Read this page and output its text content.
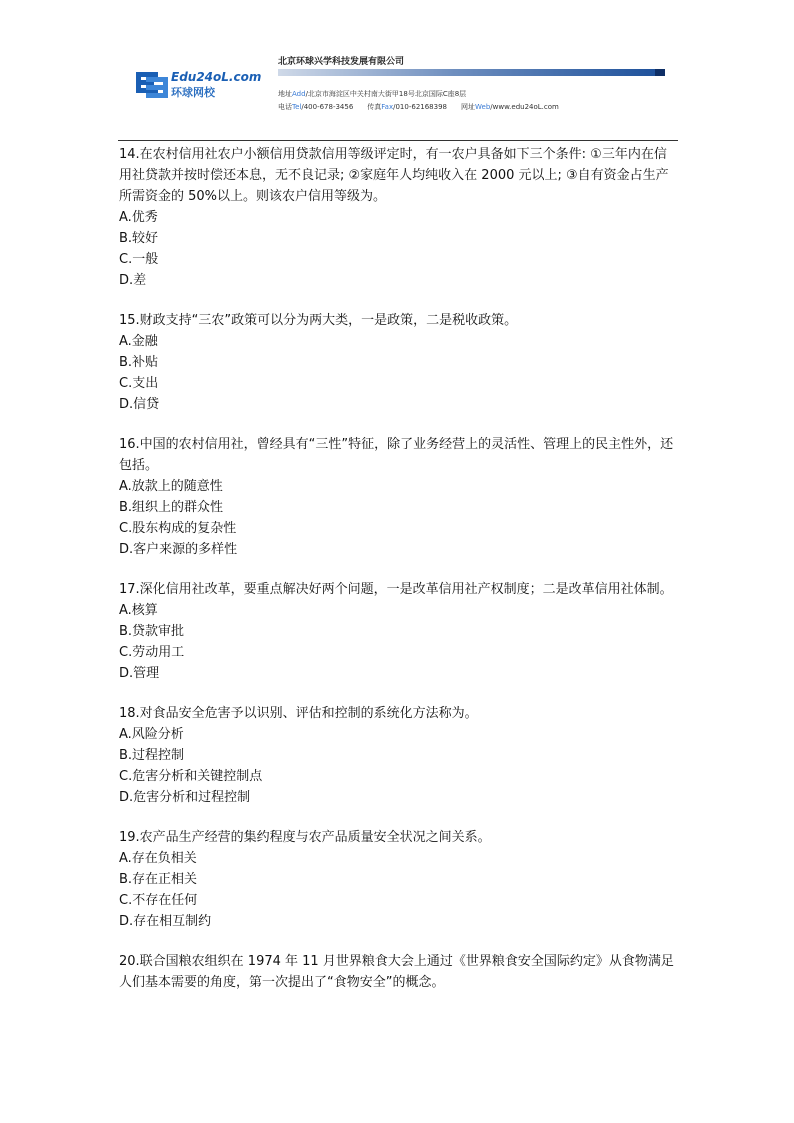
Edu24oL.com
环球网校
北京环球兴学科技发展有限公司
地址Add/北京市海淀区中关村南大街甲18号北京国际C座8层
电话Tel/400-678-3456 传真Fax/010-62168398 网址Web/www.edu24oL.com

14.在农村信用社农户小额信用贷款信用等级评定时，有一农户具备如下三个条件: ①三年内在信用社贷款并按时偿还本息，无不良记录; ②家庭年人均纯收入在 2000 元以上; ③自有资金占生产所需资金的 50%以上。则该农户信用等级为。

A.优秀

B.较好

C.一般

D.差

15.财政支持“三农”政策可以分为两大类，一是政策，二是税收政策。

A.金融

B.补贴

C.支出

D.信贷

16.中国的农村信用社，曾经具有“三性”特征，除了业务经营上的灵活性、管理上的民主性外，还包括。

A.放款上的随意性

B.组织上的群众性

C.股东构成的复杂性

D.客户来源的多样性

17.深化信用社改革，要重点解决好两个问题，一是改革信用社产权制度；二是改革信用社体制。

A.核算

B.贷款审批

C.劳动用工

D.管理

18.对食品安全危害予以识别、评估和控制的系统化方法称为。

A.风险分析

B.过程控制

C.危害分析和关键控制点

D.危害分析和过程控制

19.农产品生产经营的集约程度与农产品质量安全状况之间关系。

A.存在负相关

B.存在正相关

C.不存在任何

D.存在相互制约

20.联合国粮农组织在 1974 年 11 月世界粮食大会上通过《世界粮食安全国际约定》从食物满足人们基本需要的角度，第一次提出了“食物安全”的概念。
